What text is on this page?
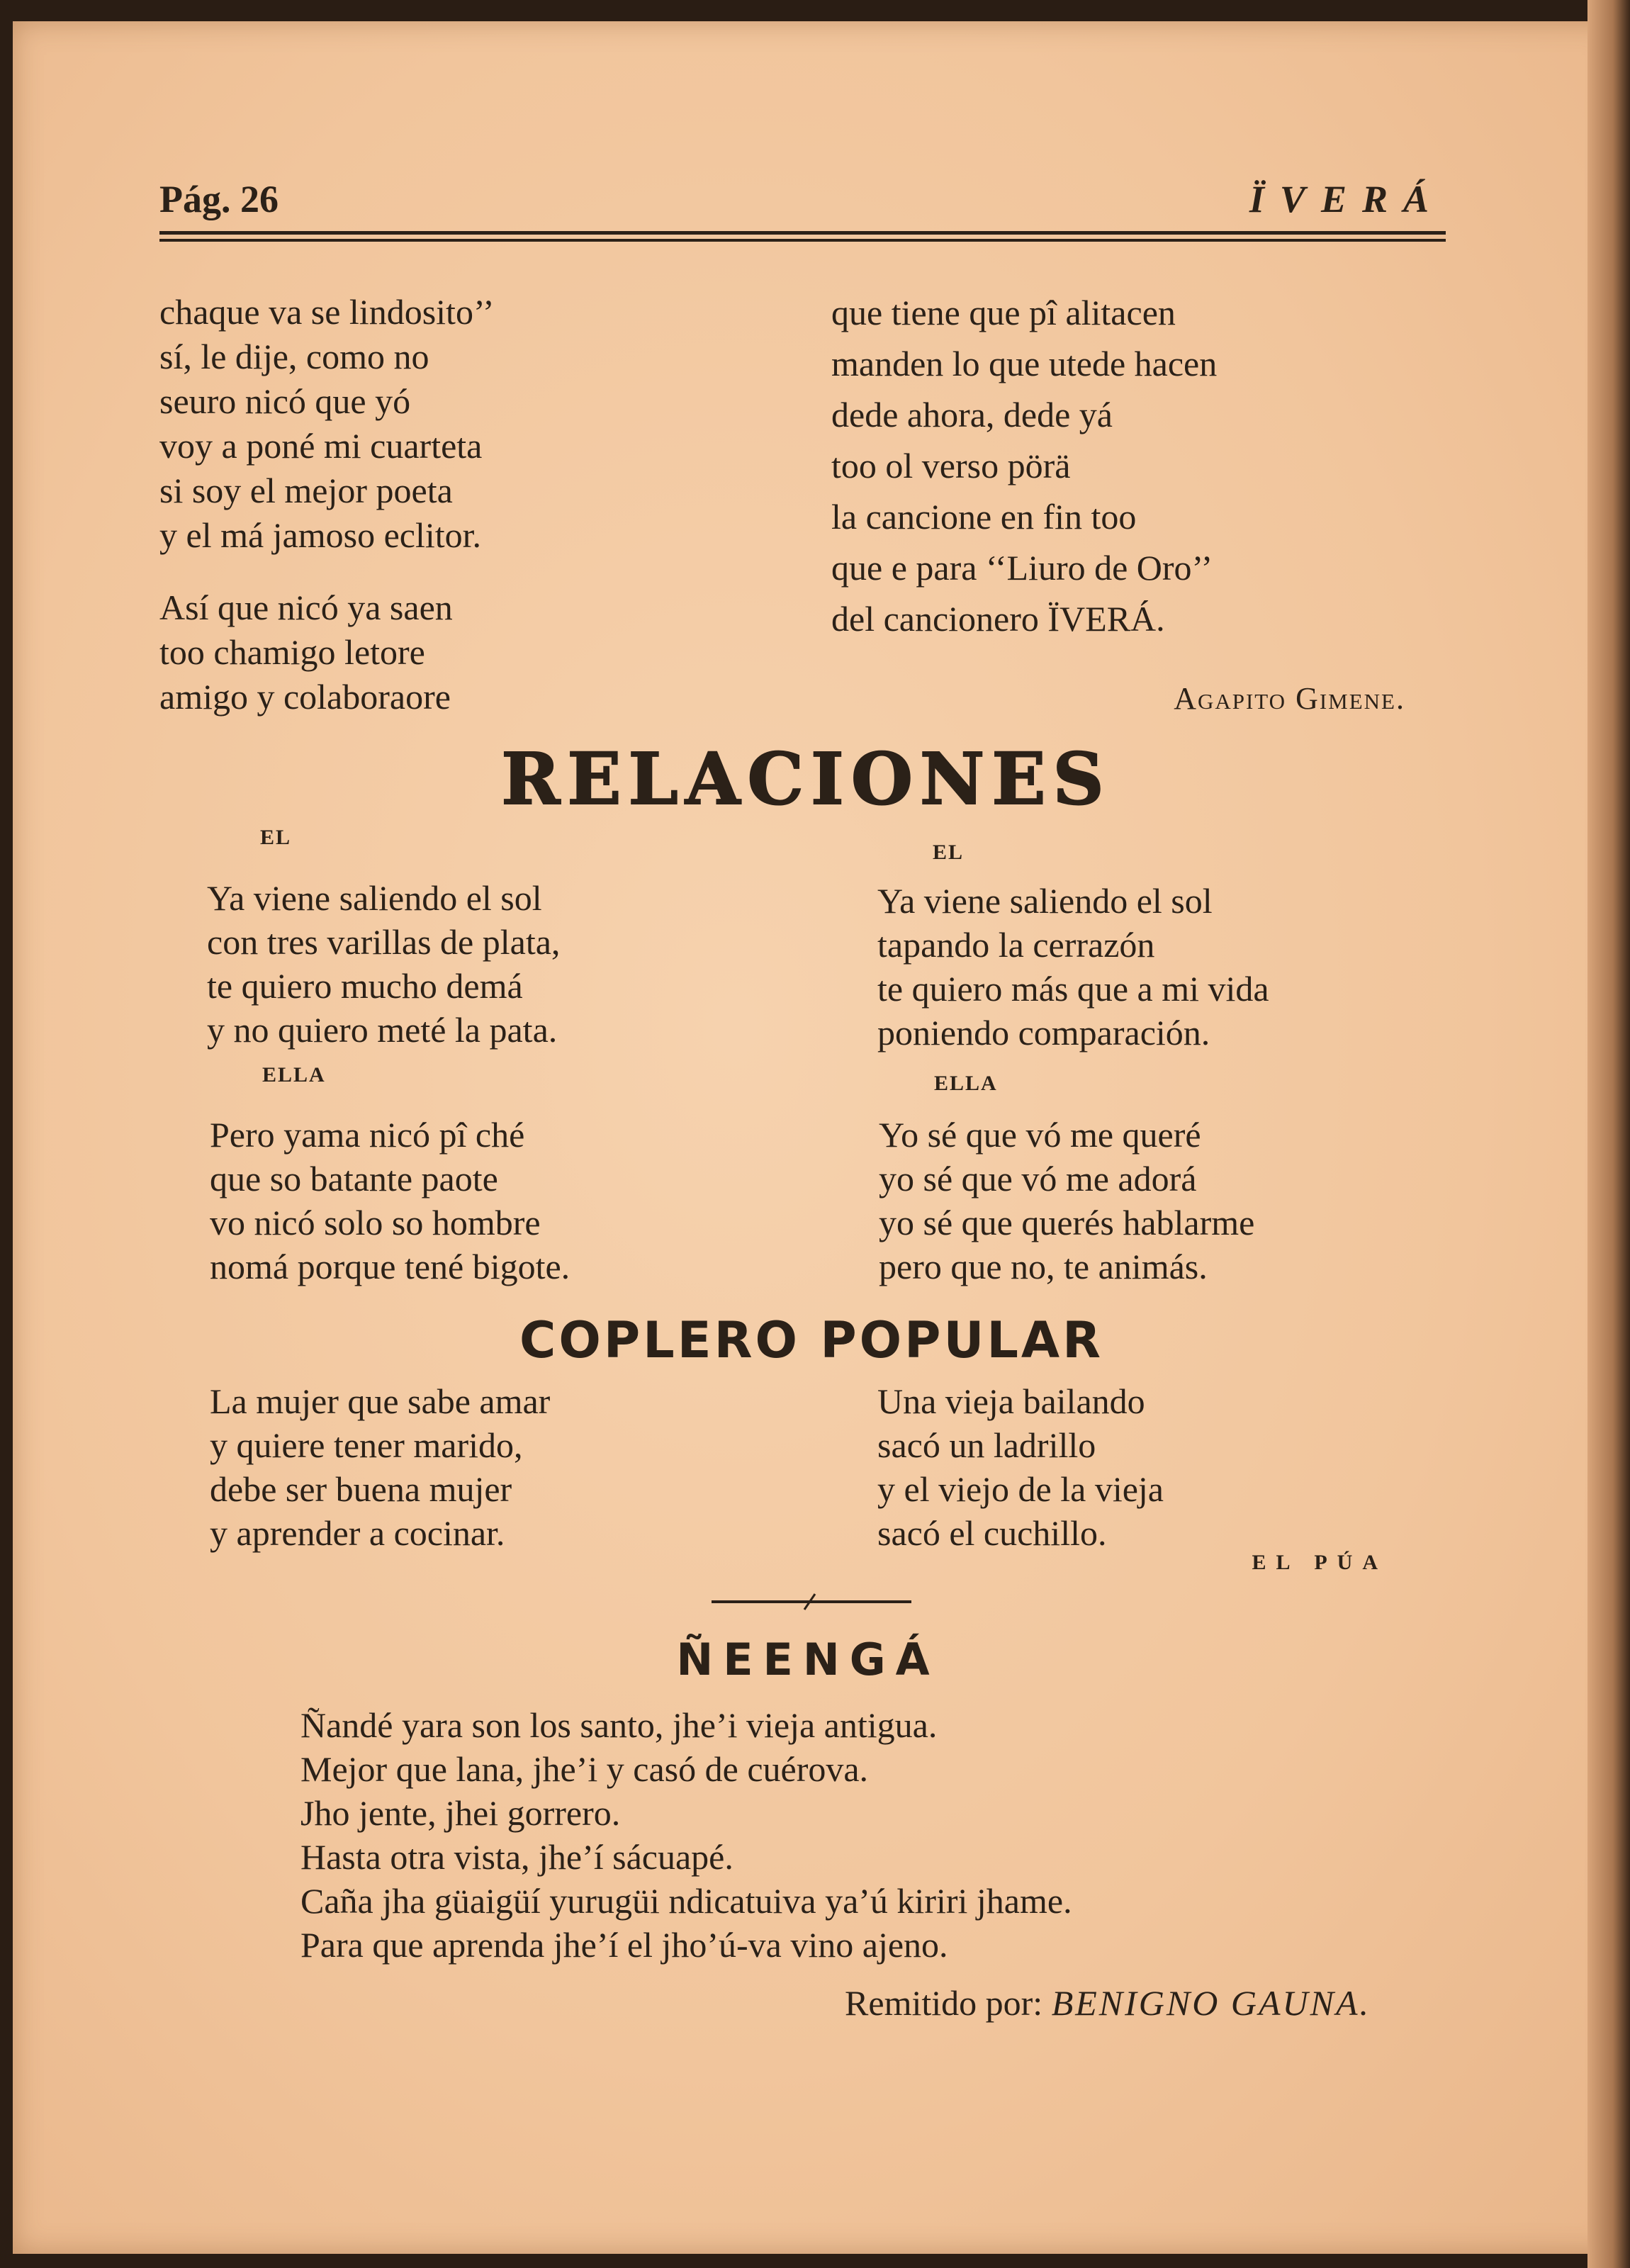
Pág. 26	ÏVERÁ
chaque va se lindosito’’
sí, le dije, como no
seuro nicó que yó
voy a poné mi cuarteta
si soy el mejor poeta
y el má jamoso eclitor.
Así que nicó ya saen
too chamigo letore
amigo y colaboraore
que tiene que pî alitacen
manden lo que utede hacen
dede ahora, dede yá
too ol verso pörä
la cancione en fin too
que e para ‘‘Liuro de Oro’’
del cancionero ÏVERÁ.
Agapito Gimene.
RELACIONES
EL
EL
Ya viene saliendo el sol
con tres varillas de plata,
te quiero mucho demá
y no quiero meté la pata.
Ya viene saliendo el sol
tapando la cerrazón
te quiero más que a mi vida
poniendo comparación.
ELLA	ELLA
Pero yama nicó pî ché
que so batante paote
vo nicó solo so hombre
nomá porque tené bigote.
Yo sé que vó me queré
yo sé que vó me adorá
yo sé que querés hablarme
pero que no, te animás.
COPLERO POPULAR
La mujer que sabe amar
y quiere tener marido,
debe ser buena mujer
y aprender a cocinar.
Una vieja bailando
sacó un ladrillo
y el viejo de la vieja
sacó el cuchillo.
EL PÚA
ÑEENGÁ
Ñandé yara son los santo, jhe’i vieja antigua.
Mejor que lana, jhe’i y casó de cuérova.
Jho jente, jhei gorrero.
Hasta otra vista, jhe’í sácuapé.
Caña jha güaigüí yurugüi ndicatuiva ya’ú kiriri jhame.
Para que aprenda jhe’í el jho’ú-va vino ajeno.
Remitido por: BENIGNO GAUNA.
